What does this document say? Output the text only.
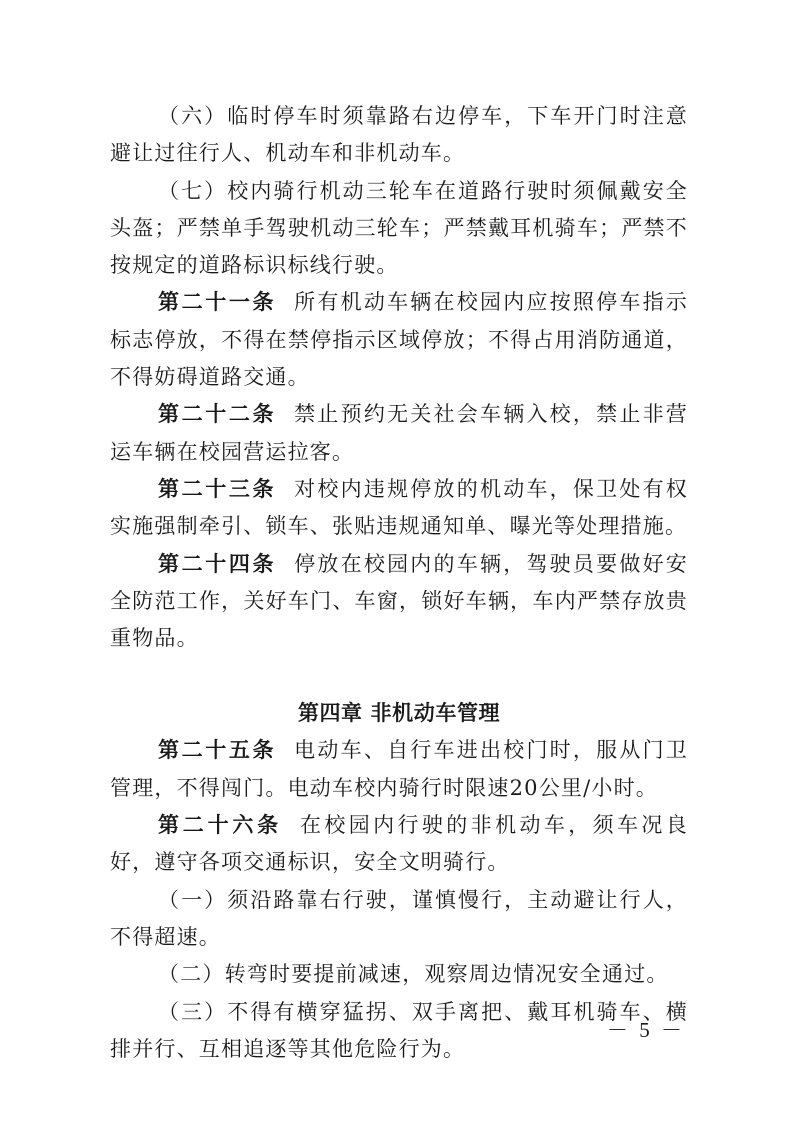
（六）临时停车时须靠路右边停车，下车开门时注意避让过往行人、机动车和非机动车。

（七）校内骑行机动三轮车在道路行驶时须佩戴安全头盔；严禁单手驾驶机动三轮车；严禁戴耳机骑车；严禁不按规定的道路标识标线行驶。

第二十一条 所有机动车辆在校园内应按照停车指示标志停放，不得在禁停指示区域停放；不得占用消防通道，不得妨碍道路交通。

第二十二条 禁止预约无关社会车辆入校，禁止非营运车辆在校园营运拉客。

第二十三条 对校内违规停放的机动车，保卫处有权实施强制牵引、锁车、张贴违规通知单、曝光等处理措施。

第二十四条 停放在校园内的车辆，驾驶员要做好安全防范工作，关好车门、车窗，锁好车辆，车内严禁存放贵重物品。

第四章 非机动车管理

第二十五条 电动车、自行车进出校门时，服从门卫管理，不得闯门。电动车校内骑行时限速20公里/小时。

第二十六条 在校园内行驶的非机动车，须车况良好，遵守各项交通标识，安全文明骑行。

（一）须沿路靠右行驶，谨慎慢行，主动避让行人，不得超速。

（二）转弯时要提前减速，观察周边情况安全通过。

（三）不得有横穿猛拐、双手离把、戴耳机骑车、横排并行、互相追逐等其他危险行为。

－ 5 －
